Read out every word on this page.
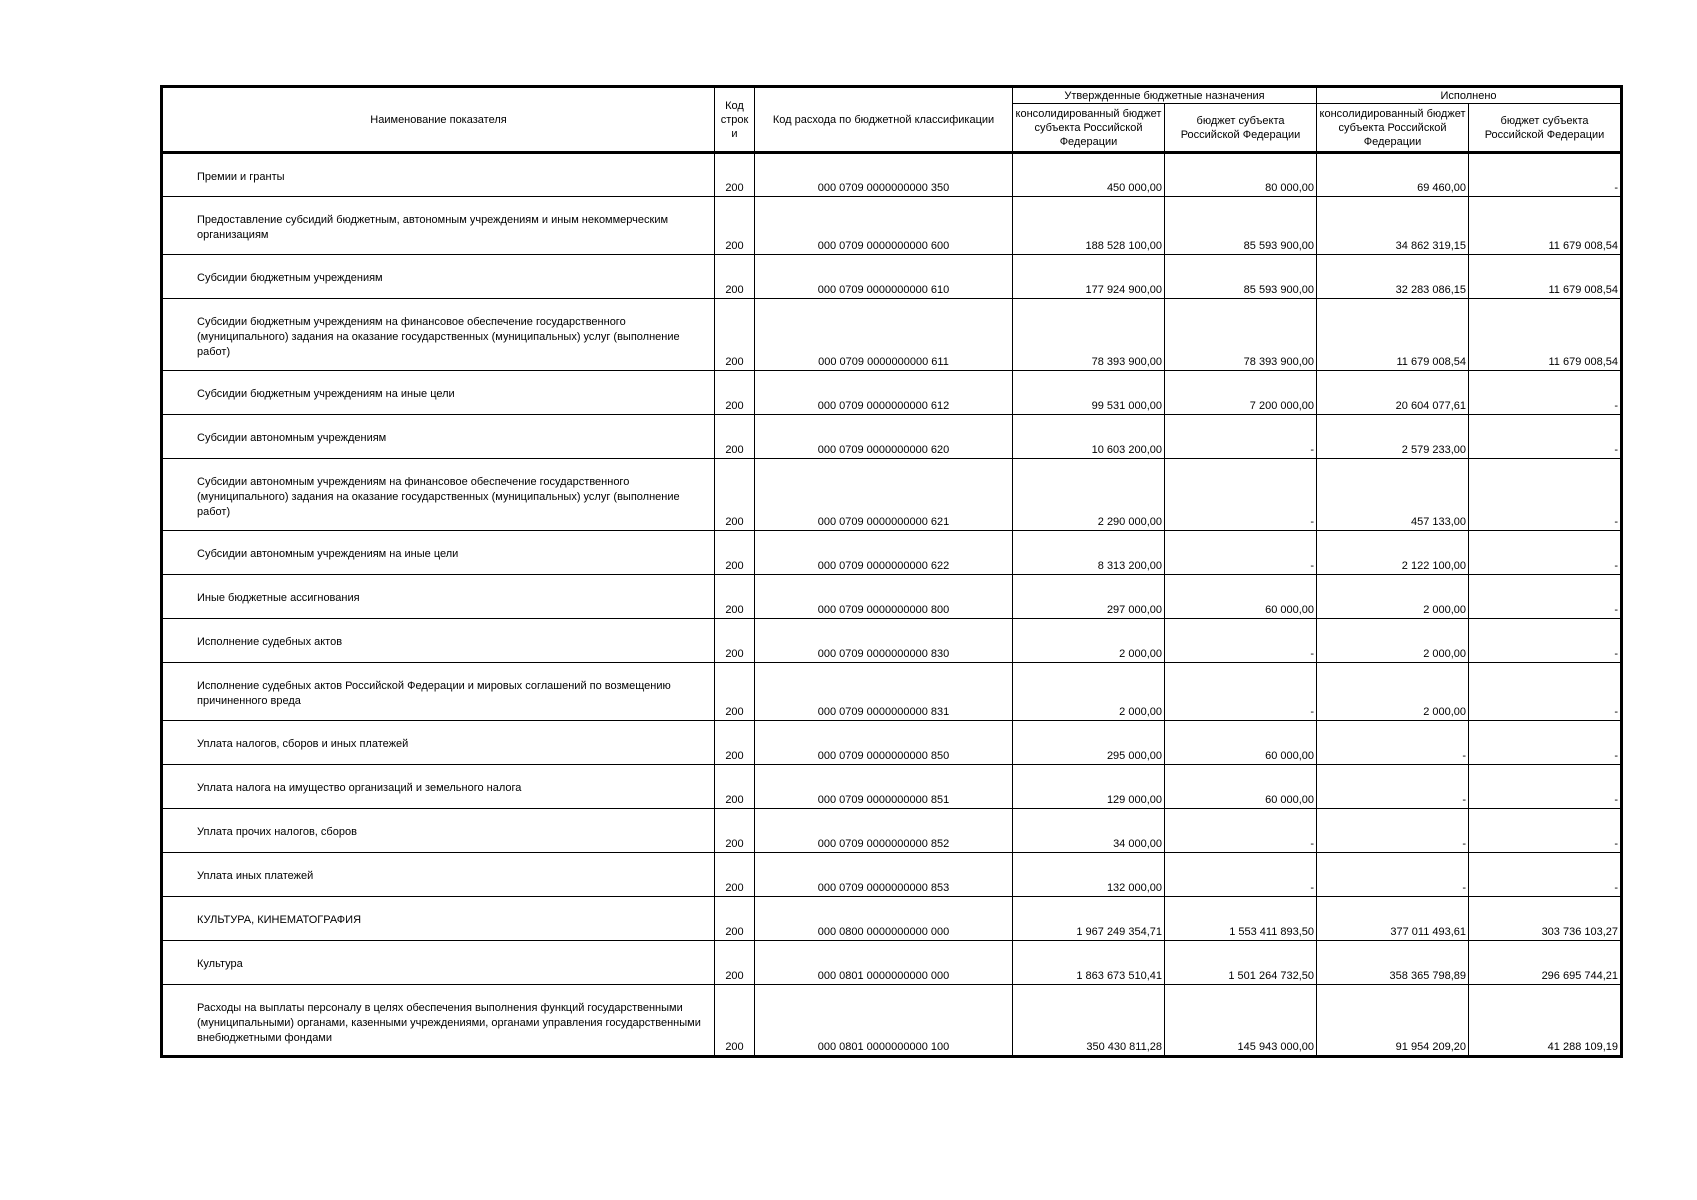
Наименование показателя	Код строк и	Код расхода по бюджетной классификации	Утвержденные бюджетные назначения		Исполнено	
			консолидированный бюджет субъекта Российской Федерации	бюджет субъекта Российской Федерации	консолидированный бюджет субъекта Российской Федерации	бюджет субъекта Российской Федерации
Премии и гранты	200	000 0709 0000000000 350	450 000,00	80 000,00	69 460,00	-
Предоставление субсидий бюджетным, автономным учреждениям и иным некоммерческим организациям	200	000 0709 0000000000 600	188 528 100,00	85 593 900,00	34 862 319,15	11 679 008,54
Субсидии бюджетным учреждениям	200	000 0709 0000000000 610	177 924 900,00	85 593 900,00	32 283 086,15	11 679 008,54
Субсидии бюджетным учреждениям на финансовое обеспечение государственного (муниципального) задания на оказание государственных (муниципальных) услуг (выполнение работ)	200	000 0709 0000000000 611	78 393 900,00	78 393 900,00	11 679 008,54	11 679 008,54
Субсидии бюджетным учреждениям на иные цели	200	000 0709 0000000000 612	99 531 000,00	7 200 000,00	20 604 077,61	-
Субсидии автономным учреждениям	200	000 0709 0000000000 620	10 603 200,00	-	2 579 233,00	-
Субсидии автономным учреждениям на финансовое обеспечение государственного (муниципального) задания на оказание государственных (муниципальных) услуг (выполнение работ)	200	000 0709 0000000000 621	2 290 000,00	-	457 133,00	-
Субсидии автономным учреждениям на иные цели	200	000 0709 0000000000 622	8 313 200,00	-	2 122 100,00	-
Иные бюджетные ассигнования	200	000 0709 0000000000 800	297 000,00	60 000,00	2 000,00	-
Исполнение судебных актов	200	000 0709 0000000000 830	2 000,00	-	2 000,00	-
Исполнение судебных актов Российской Федерации и мировых соглашений по возмещению причиненного вреда	200	000 0709 0000000000 831	2 000,00	-	2 000,00	-
Уплата налогов, сборов и иных платежей	200	000 0709 0000000000 850	295 000,00	60 000,00	-	-
Уплата налога на имущество организаций и земельного налога	200	000 0709 0000000000 851	129 000,00	60 000,00	-	-
Уплата прочих налогов, сборов	200	000 0709 0000000000 852	34 000,00	-	-	-
Уплата иных платежей	200	000 0709 0000000000 853	132 000,00	-	-	-
КУЛЬТУРА, КИНЕМАТОГРАФИЯ	200	000 0800 0000000000 000	1 967 249 354,71	1 553 411 893,50	377 011 493,61	303 736 103,27
Культура	200	000 0801 0000000000 000	1 863 673 510,41	1 501 264 732,50	358 365 798,89	296 695 744,21
Расходы на выплаты персоналу в целях обеспечения выполнения функций государственными (муниципальными) органами, казенными учреждениями, органами управления государственными внебюджетными фондами	200	000 0801 0000000000 100	350 430 811,28	145 943 000,00	91 954 209,20	41 288 109,19
